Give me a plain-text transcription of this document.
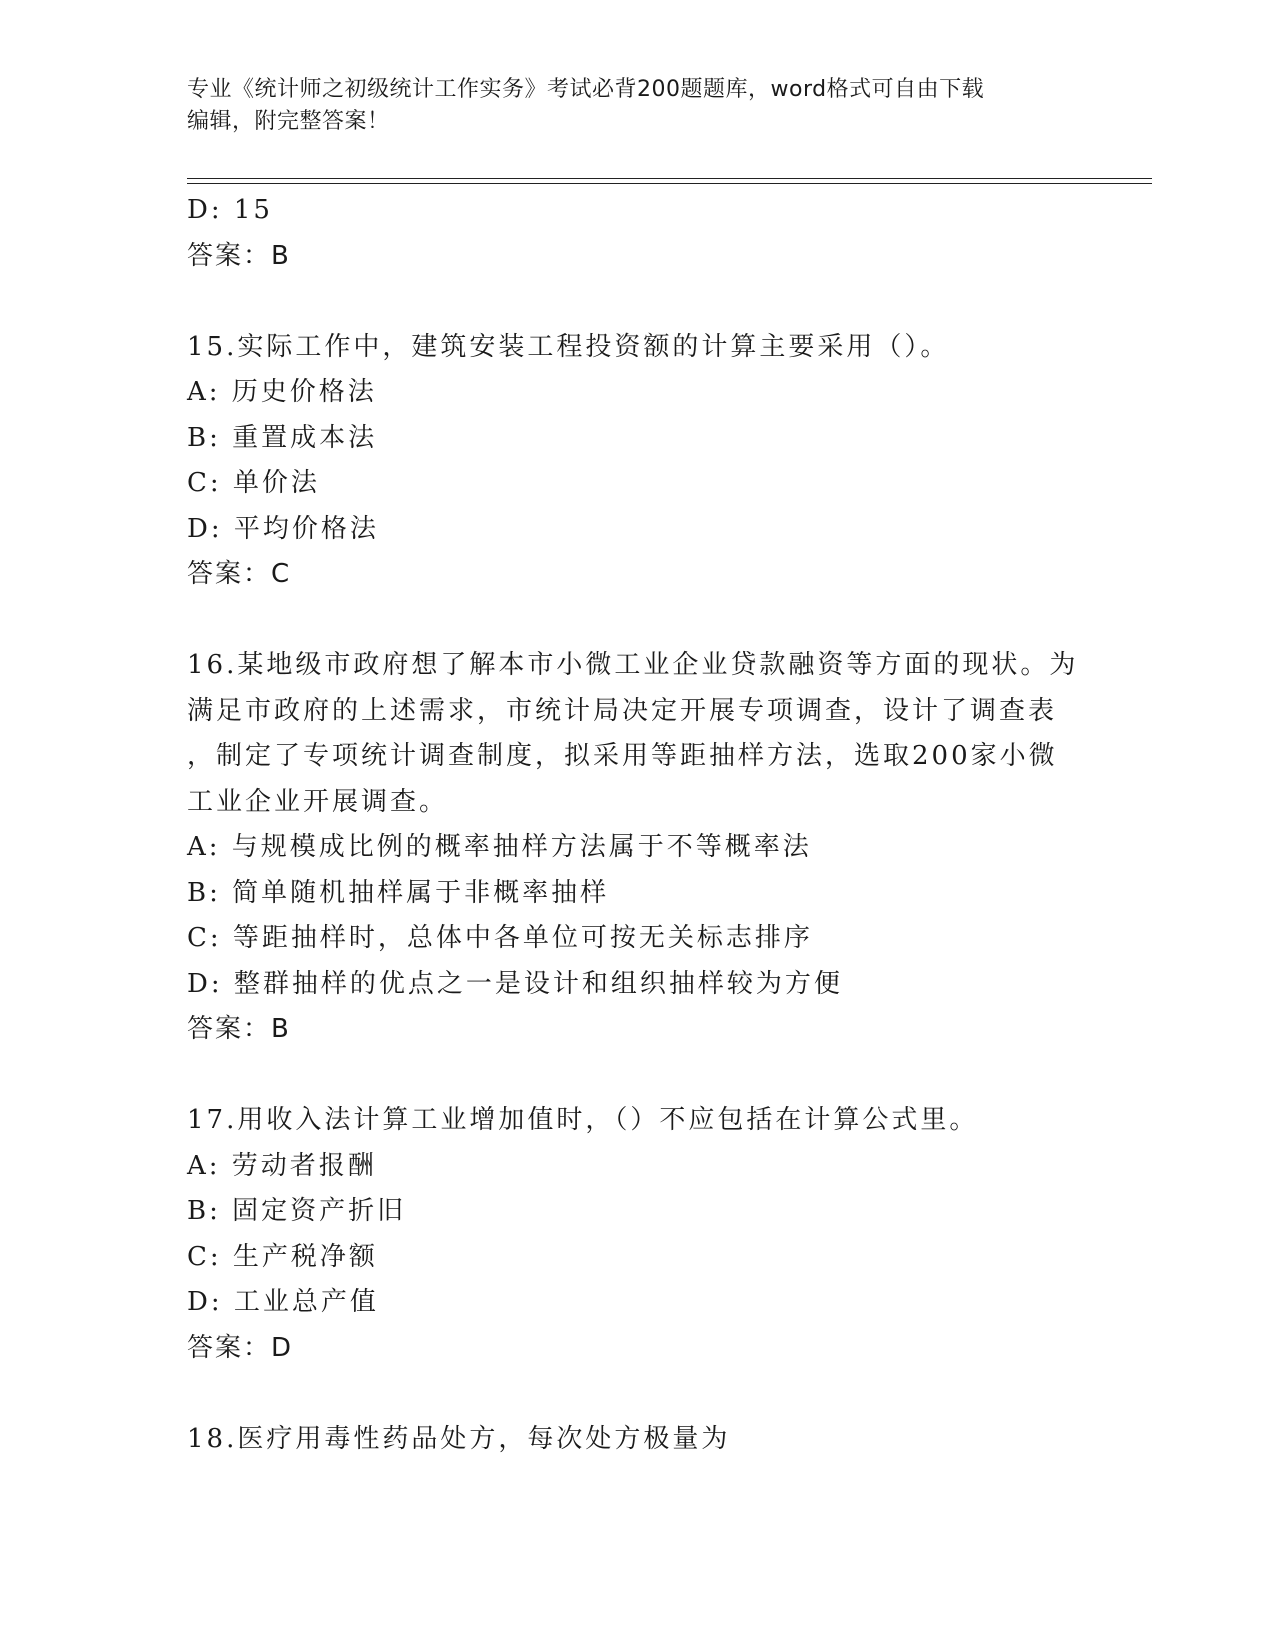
专业《统计师之初级统计工作实务》考试必背200题题库，word格式可自由下载
编辑，附完整答案！
D: 15
答案：B
15.实际工作中，建筑安装工程投资额的计算主要采用（）。
A: 历史价格法
B: 重置成本法
C: 单价法
D: 平均价格法
答案：C
16.某地级市政府想了解本市小微工业企业贷款融资等方面的现状。为
满足市政府的上述需求，市统计局决定开展专项调查，设计了调查表
，制定了专项统计调查制度，拟采用等距抽样方法，选取200家小微
工业企业开展调查。
A: 与规模成比例的概率抽样方法属于不等概率法
B: 简单随机抽样属于非概率抽样
C: 等距抽样时，总体中各单位可按无关标志排序
D: 整群抽样的优点之一是设计和组织抽样较为方便
答案：B
17.用收入法计算工业增加值时，（）不应包括在计算公式里。
A: 劳动者报酬
B: 固定资产折旧
C: 生产税净额
D: 工业总产值
答案：D
18.医疗用毒性药品处方，每次处方极量为
